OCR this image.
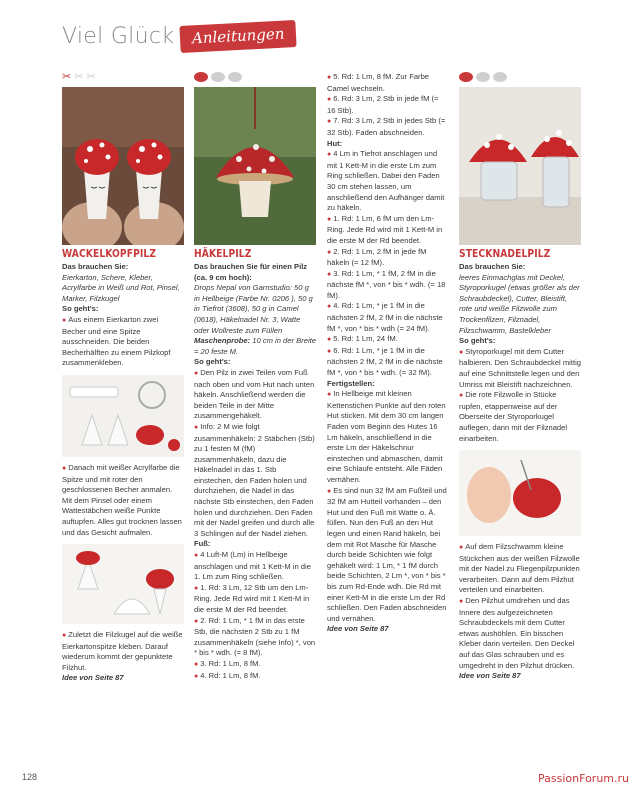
Viel Glück	Anleitungen
✂ ✂ ✂
WACKELKOPFPILZ

Das brauchen Sie:

Eierkarton, Schere, Kleber, Acrylfarbe in Weiß und Rot, Pinsel, Marker, Filzkugel

So geht's:

● Aus einem Eierkarton zwei Becher und eine Spitze ausschneiden. Die beiden Becherhälften zu einem Pilzkopf zusammenkleben.

● Danach mit weißer Acrylfarbe die Spitze und mit roter den geschlossenen Becher anmalen. Mit dem Pinsel oder einem Wattestäbchen weiße Punkte auftupfen. Alles gut trocknen lassen und das Gesicht aufmalen.

● Zuletzt die Filzkugel auf die weiße Eierkartonspitze kleben. Darauf wiederum kommt der gepunktete Filzhut.

Idee von Seite 87

HÄKELPILZ

Das brauchen Sie für einen Pilz (ca. 9 cm hoch):

Drops Nepal von Garnstudio: 50 g in Hellbeige (Farbe Nr. 0206 ), 50 g in Tiefrot (3608), 50 g in Camel (0618), Häkelnadel Nr. 3, Watte oder Wollreste zum Füllen

Maschenprobe: 10 cm in der Breite = 20 feste M.

So geht's:

● Den Pilz in zwei Teilen vom Fuß nach oben und vom Hut nach unten häkeln. Anschließend werden die beiden Teile in der Mitte zusammengehäkelt.

● Info: 2 M wie folgt zusammenhäkeln: 2 Stäbchen (Stb) zu 1 festen M (fM) zusammenhäkeln, dazu die Häkelnadel in das 1. Stb einstechen, den Faden holen und durchziehen, die Nadel in das nächste Stb einstechen, den Faden holen und durchziehen. Den Faden mit der Nadel greifen und durch alle 3 Schlingen auf der Nadel ziehen.

Fuß:

● 4 Luft-M (Lm) in Hellbeige anschlagen und mit 1 Kett-M in die 1. Lm zum Ring schließen.

● 1. Rd: 3 Lm, 12 Stb um den Lm-Ring. Jede Rd wird mit 1 Kett-M in die erste M der Rd beendet.

● 2. Rd: 1 Lm, * 1 fM in das erste Stb, die nächsten 2 Stb zu 1 fM zusammenhäkeln (siehe Info) *, von * bis * wdh. (= 8 fM).

● 3. Rd: 1 Lm, 8 fM.

● 4. Rd: 1 Lm, 8 fM.

● 5. Rd: 1 Lm, 8 fM. Zur Farbe Camel wechseln.

● 6. Rd: 3 Lm, 2 Stb in jede fM (= 16 Stb).

● 7. Rd: 3 Lm, 2 Stb in jedes Stb (= 32 Stb). Faden abschneiden.

Hut:

● 4 Lm in Tiefrot anschlagen und mit 1 Kett-M in die erste Lm zum Ring schließen. Dabei den Faden 30 cm stehen lassen, um anschließend den Aufhänger damit zu häkeln.

● 1. Rd: 1 Lm, 6 fM um den Lm-Ring. Jede Rd wird mit 1 Kett-M in die erste M der Rd beendet.

● 2. Rd: 1 Lm, 2 fM in jede fM häkeln (= 12 fM).

● 3. Rd: 1 Lm, * 1 fM, 2 fM in die nächste fM *, von * bis * wdh. (= 18 fM).

● 4. Rd: 1 Lm, * je 1 fM in die nächsten 2 fM, 2 fM in die nächste fM *, von * bis * wdh (= 24 fM).

● 5. Rd: 1 Lm, 24 fM.

● 6. Rd: 1 Lm, * je 1 fM in die nächsten 2 fM, 2 fM in die nächste fM *, von * bis * wdh. (= 32 fM).

Fertigstellen:

● In Hellbeige mit kleinen Kettenstichen Punkte auf den roten Hut sticken. Mit dem 30 cm langen Faden vom Beginn des Hutes 16 Lm häkeln, anschließend in die erste Lm der Häkelschnur einstechen und abmaschen, damit eine Schlaufe entsteht. Alle Fäden vernähen.

● Es sind nun 32 fM am Fußteil und 32 fM am Hutteil vorhanden – den Hut und den Fuß mit Watte o. Ä. füllen. Nun den Fuß an den Hut legen und einen Rand häkeln, bei dem mit Rot Masche für Masche durch beide Schichten wie folgt gehäkelt wird: 1 Lm, * 1 fM durch beide Schichten, 2 Lm *, von * bis * bis zum Rd-Ende wdh. Die Rd mit einer Kett-M in die erste Lm der Rd schließen. Den Faden abschneiden und vernähen.

Idee von Seite 87

STECKNADELPILZ

Das brauchen Sie:

leeres Einmachglas mit Deckel, Styroporkugel (etwas größer als der Schraubdeckel), Cutter, Bleistift, rote und weiße Filzwolle zum Trockenfilzen, Filznadel, Filzschwamm, Bastelkleber

So geht's:

● Styroporkugel mit dem Cutter halbieren. Den Schraubdeckel mittig auf eine Schnittstelle legen und den Umriss mit Bleistift nachzeichnen.

● Die rote Filzwolle in Stücke rupfen, etappenweise auf der Oberseite der Styroporkugel auflegen, dann mit der Filznadel einarbeiten.

● Auf dem Filzschwamm kleine Stückchen aus der weißen Filzwolle mit der Nadel zu Fliegenpilzpunkten verarbeiten. Dann auf dem Pilzhut verteilen und einarbeiten.

● Den Pilzhut umdrehen und das Innere des aufgezeichneten Schraubdeckels mit dem Cutter etwas aushöhlen. Ein bisschen Kleber darin verteilen. Den Deckel auf das Glas schrauben und es umgedreht in den Pilzhut drücken.

Idee von Seite 87

128	PassionForum.ru
